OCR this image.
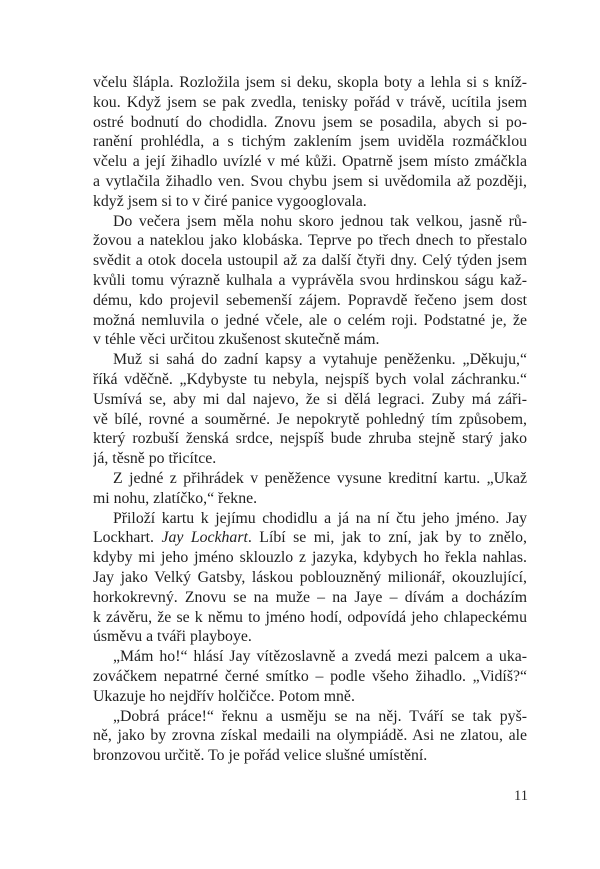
včelu šlápla. Rozložila jsem si deku, skopla boty a lehla si s kníž-
kou. Když jsem se pak zvedla, tenisky pořád v trávě, ucítila jsem
ostré bodnutí do chodidla. Znovu jsem se posadila, abych si po-
ranění prohlédla, a s tichým zaklením jsem uviděla rozmáčklou
včelu a její žihadlo uvízlé v mé kůži. Opatrně jsem místo zmáčkla
a vytlačila žihadlo ven. Svou chybu jsem si uvědomila až později,
když jsem si to v čiré panice vygooglovala.
Do večera jsem měla nohu skoro jednou tak velkou, jasně rů-
žovou a nateklou jako klobáska. Teprve po třech dnech to přestalo
svědit a otok docela ustoupil až za další čtyři dny. Celý týden jsem
kvůli tomu výrazně kulhala a vyprávěla svou hrdinskou ságu kaž-
dému, kdo projevil sebemenší zájem. Popravdě řečeno jsem dost
možná nemluvila o jedné včele, ale o celém roji. Podstatné je, že
v téhle věci určitou zkušenost skutečně mám.
Muž si sahá do zadní kapsy a vytahuje peněženku. „Děkuju,“
říká vděčně. „Kdybyste tu nebyla, nejspíš bych volal záchranku.“
Usmívá se, aby mi dal najevo, že si dělá legraci. Zuby má záři-
vě bílé, rovné a souměrné. Je nepokrytě pohledný tím způsobem,
který rozbuší ženská srdce, nejspíš bude zhruba stejně starý jako
já, těsně po třicítce.
Z jedné z přihrádek v peněžence vysune kreditní kartu. „Ukaž
mi nohu, zlatíčko,“ řekne.
Přiloží kartu k jejímu chodidlu a já na ní čtu jeho jméno. Jay
Lockhart. Jay Lockhart. Líbí se mi, jak to zní, jak by to znělo,
kdyby mi jeho jméno sklouzlo z jazyka, kdybych ho řekla nahlas.
Jay jako Velký Gatsby, láskou poblouzněný milionář, okouzlující,
horkokrevný. Znovu se na muže – na Jaye – dívám a docházím
k závěru, že se k němu to jméno hodí, odpovídá jeho chlapeckému
úsměvu a tváři playboye.
„Mám ho!“ hlásí Jay vítězoslavně a zvedá mezi palcem a uka-
zováčkem nepatrné černé smítko – podle všeho žihadlo. „Vidíš?“
Ukazuje ho nejdřív holčičce. Potom mně.
„Dobrá práce!“ řeknu a usměju se na něj. Tváří se tak pyš-
ně, jako by zrovna získal medaili na olympiádě. Asi ne zlatou, ale
bronzovou určitě. To je pořád velice slušné umístění.
11
